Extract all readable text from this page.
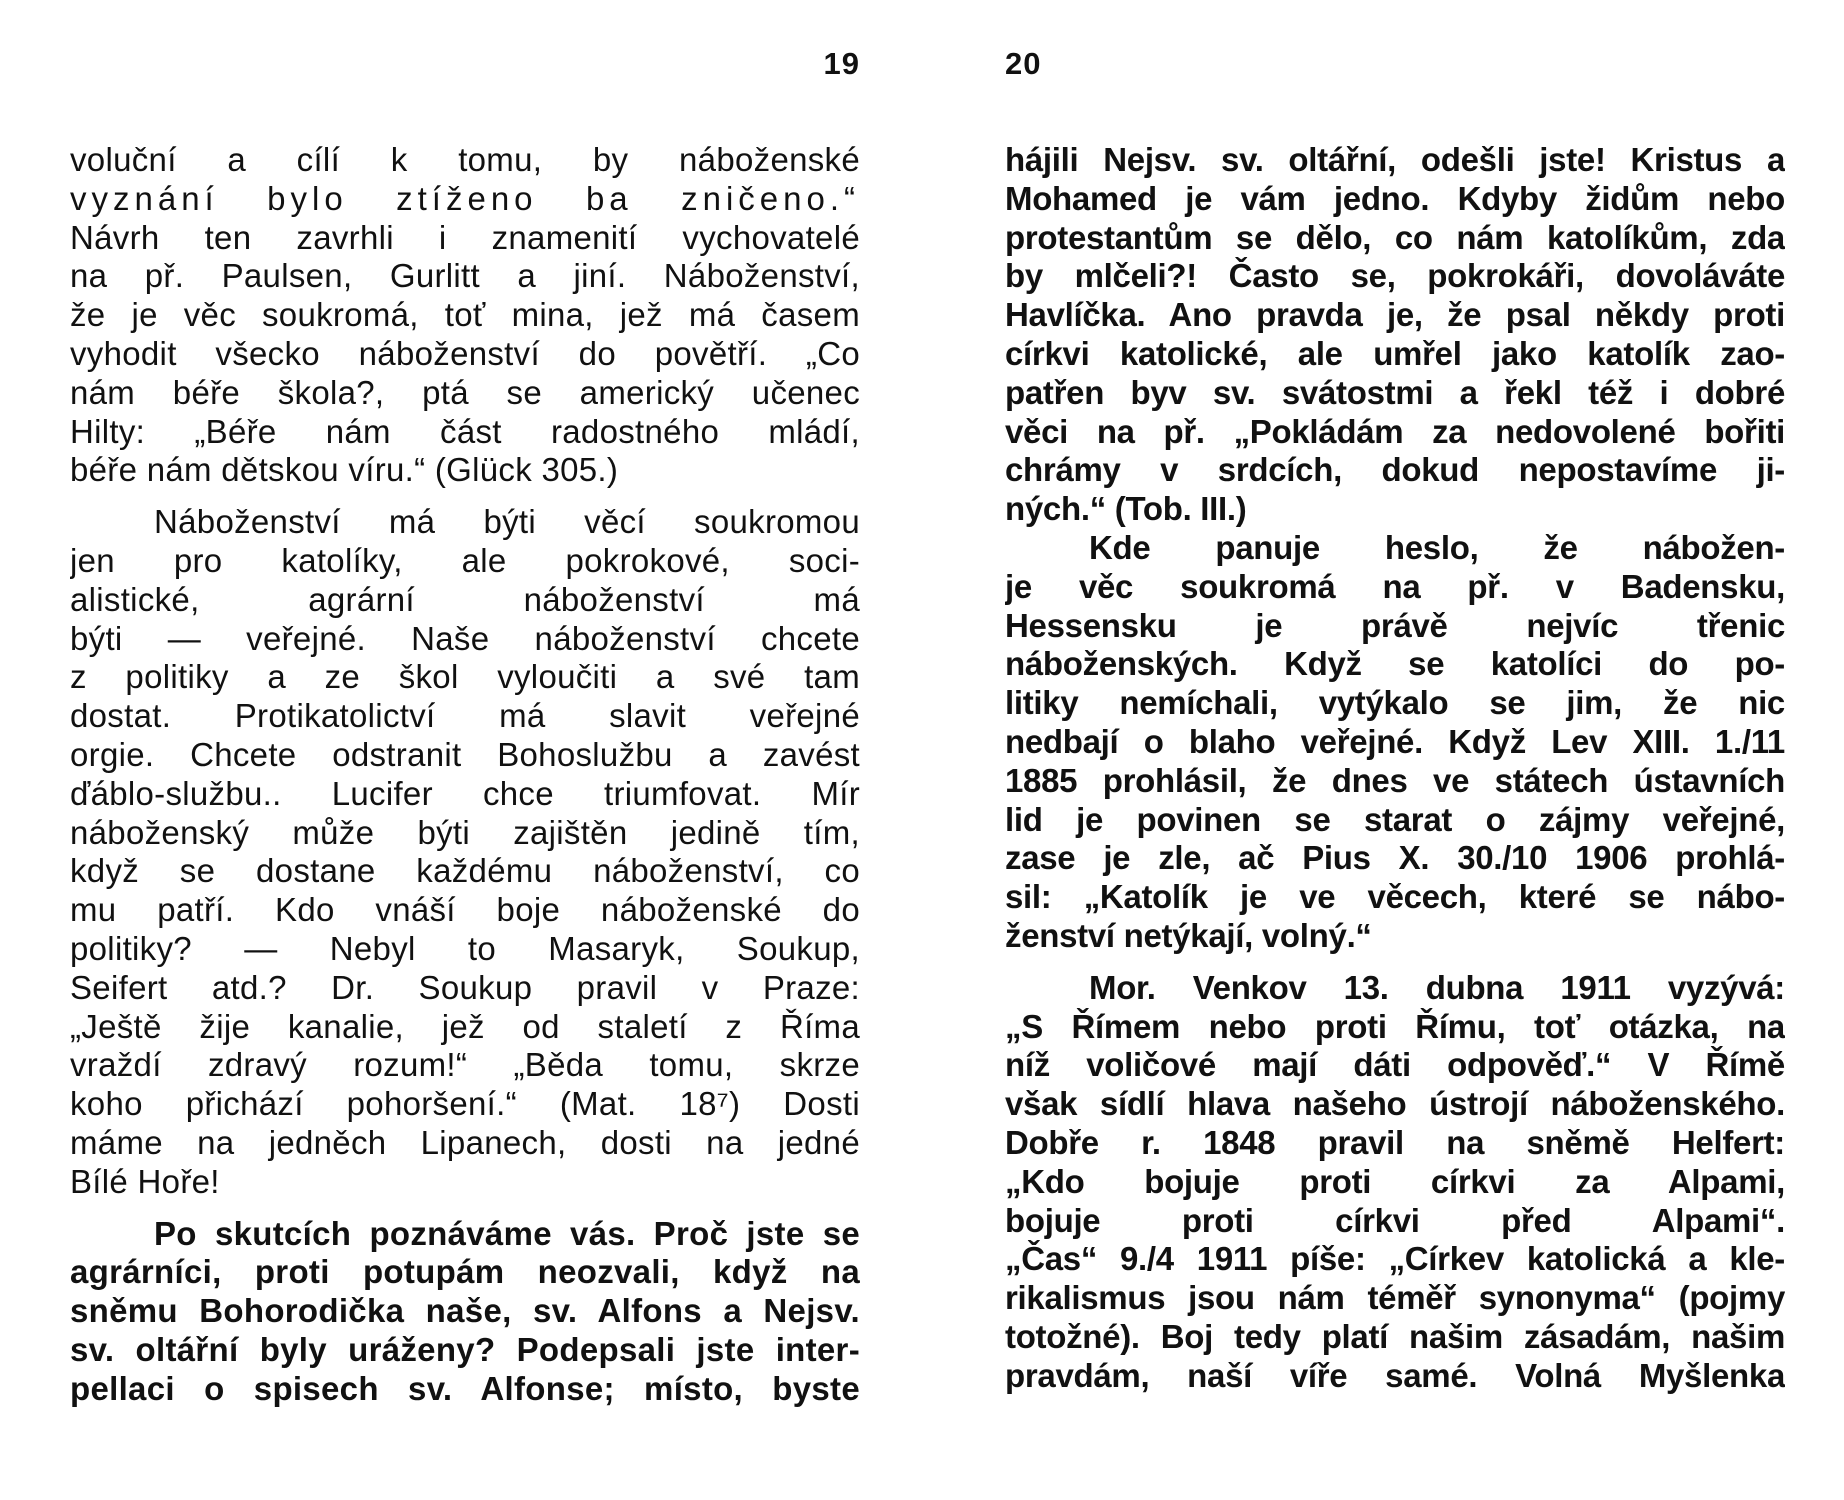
19
voluční a cílí k tomu, by náboženské
vyznání bylo ztíženo ba zničeno.“
Návrh ten zavrhli i znamenití vychovatelé
na př. Paulsen, Gurlitt a jiní. Náboženství,
že je věc soukromá, toť mina, jež má časem
vyhodit všecko náboženství do povětří. „Co
nám béře škola?, ptá se americký učenec
Hilty: „Béře nám část radostného mládí,
béře nám dětskou víru.“ (Glück 305.)
Náboženství má býti věcí soukromou
jen pro katolíky, ale pokrokové, soci-
alistické, agrární náboženství má
býti — veřejné. Naše náboženství chcete
z politiky a ze škol vyloučiti a své tam
dostat. Protikatolictví má slavit veřejné
orgie. Chcete odstranit Bohoslužbu a zavést
ďáblo-službu.. Lucifer chce triumfovat. Mír
náboženský může býti zajištěn jedině tím,
když se dostane každému náboženství, co
mu patří. Kdo vnáší boje náboženské do
politiky? — Nebyl to Masaryk, Soukup,
Seifert atd.? Dr. Soukup pravil v Praze:
„Ještě žije kanalie, jež od staletí z Říma
vraždí zdravý rozum!“ „Běda tomu, skrze
koho přichází pohoršení.“ (Mat. 18⁷) Dosti
máme na jedněch Lipanech, dosti na jedné
Bílé Hoře!
Po skutcích poznáváme vás. Proč jste se
agrárníci, proti potupám neozvali, když na
sněmu Bohorodička naše, sv. Alfons a Nejsv.
sv. oltářní byly uráženy? Podepsali jste inter-
pellaci o spisech sv. Alfonse; místo, byste
20
hájili Nejsv. sv. oltářní, odešli jste! Kristus a
Mohamed je vám jedno. Kdyby židům nebo
protestantům se dělo, co nám katolíkům, zda
by mlčeli?! Často se, pokrokáři, dovoláváte
Havlíčka. Ano pravda je, že psal někdy proti
církvi katolické, ale umřel jako katolík zao-
patřen byv sv. svátostmi a řekl též i dobré
věci na př. „Pokládám za nedovolené bořiti
chrámy v srdcích, dokud nepostavíme ji-
ných.“ (Tob. III.)
Kde panuje heslo, že nábožen-
je věc soukromá na př. v Badensku,
Hessensku je právě nejvíc třenic
náboženských. Když se katolíci do po-
litiky nemíchali, vytýkalo se jim, že nic
nedbají o blaho veřejné. Když Lev XIII. 1./11
1885 prohlásil, že dnes ve státech ústavních
lid je povinen se starat o zájmy veřejné,
zase je zle, ač Pius X. 30./10 1906 prohlá-
sil: „Katolík je ve věcech, které se nábo-
ženství netýkají, volný.“
Mor. Venkov 13. dubna 1911 vyzývá:
„S Římem nebo proti Římu, toť otázka, na
níž voličové mají dáti odpověď.“ V Římě
však sídlí hlava našeho ústrojí náboženského.
Dobře r. 1848 pravil na sněmě Helfert:
„Kdo bojuje proti církvi za Alpami,
bojuje proti církvi před Alpami“.
„Čas“ 9./4 1911 píše: „Církev katolická a kle-
rikalismus jsou nám téměř synonyma“ (pojmy
totožné). Boj tedy platí našim zásadám, našim
pravdám, naší víře samé. Volná Myšlenka
